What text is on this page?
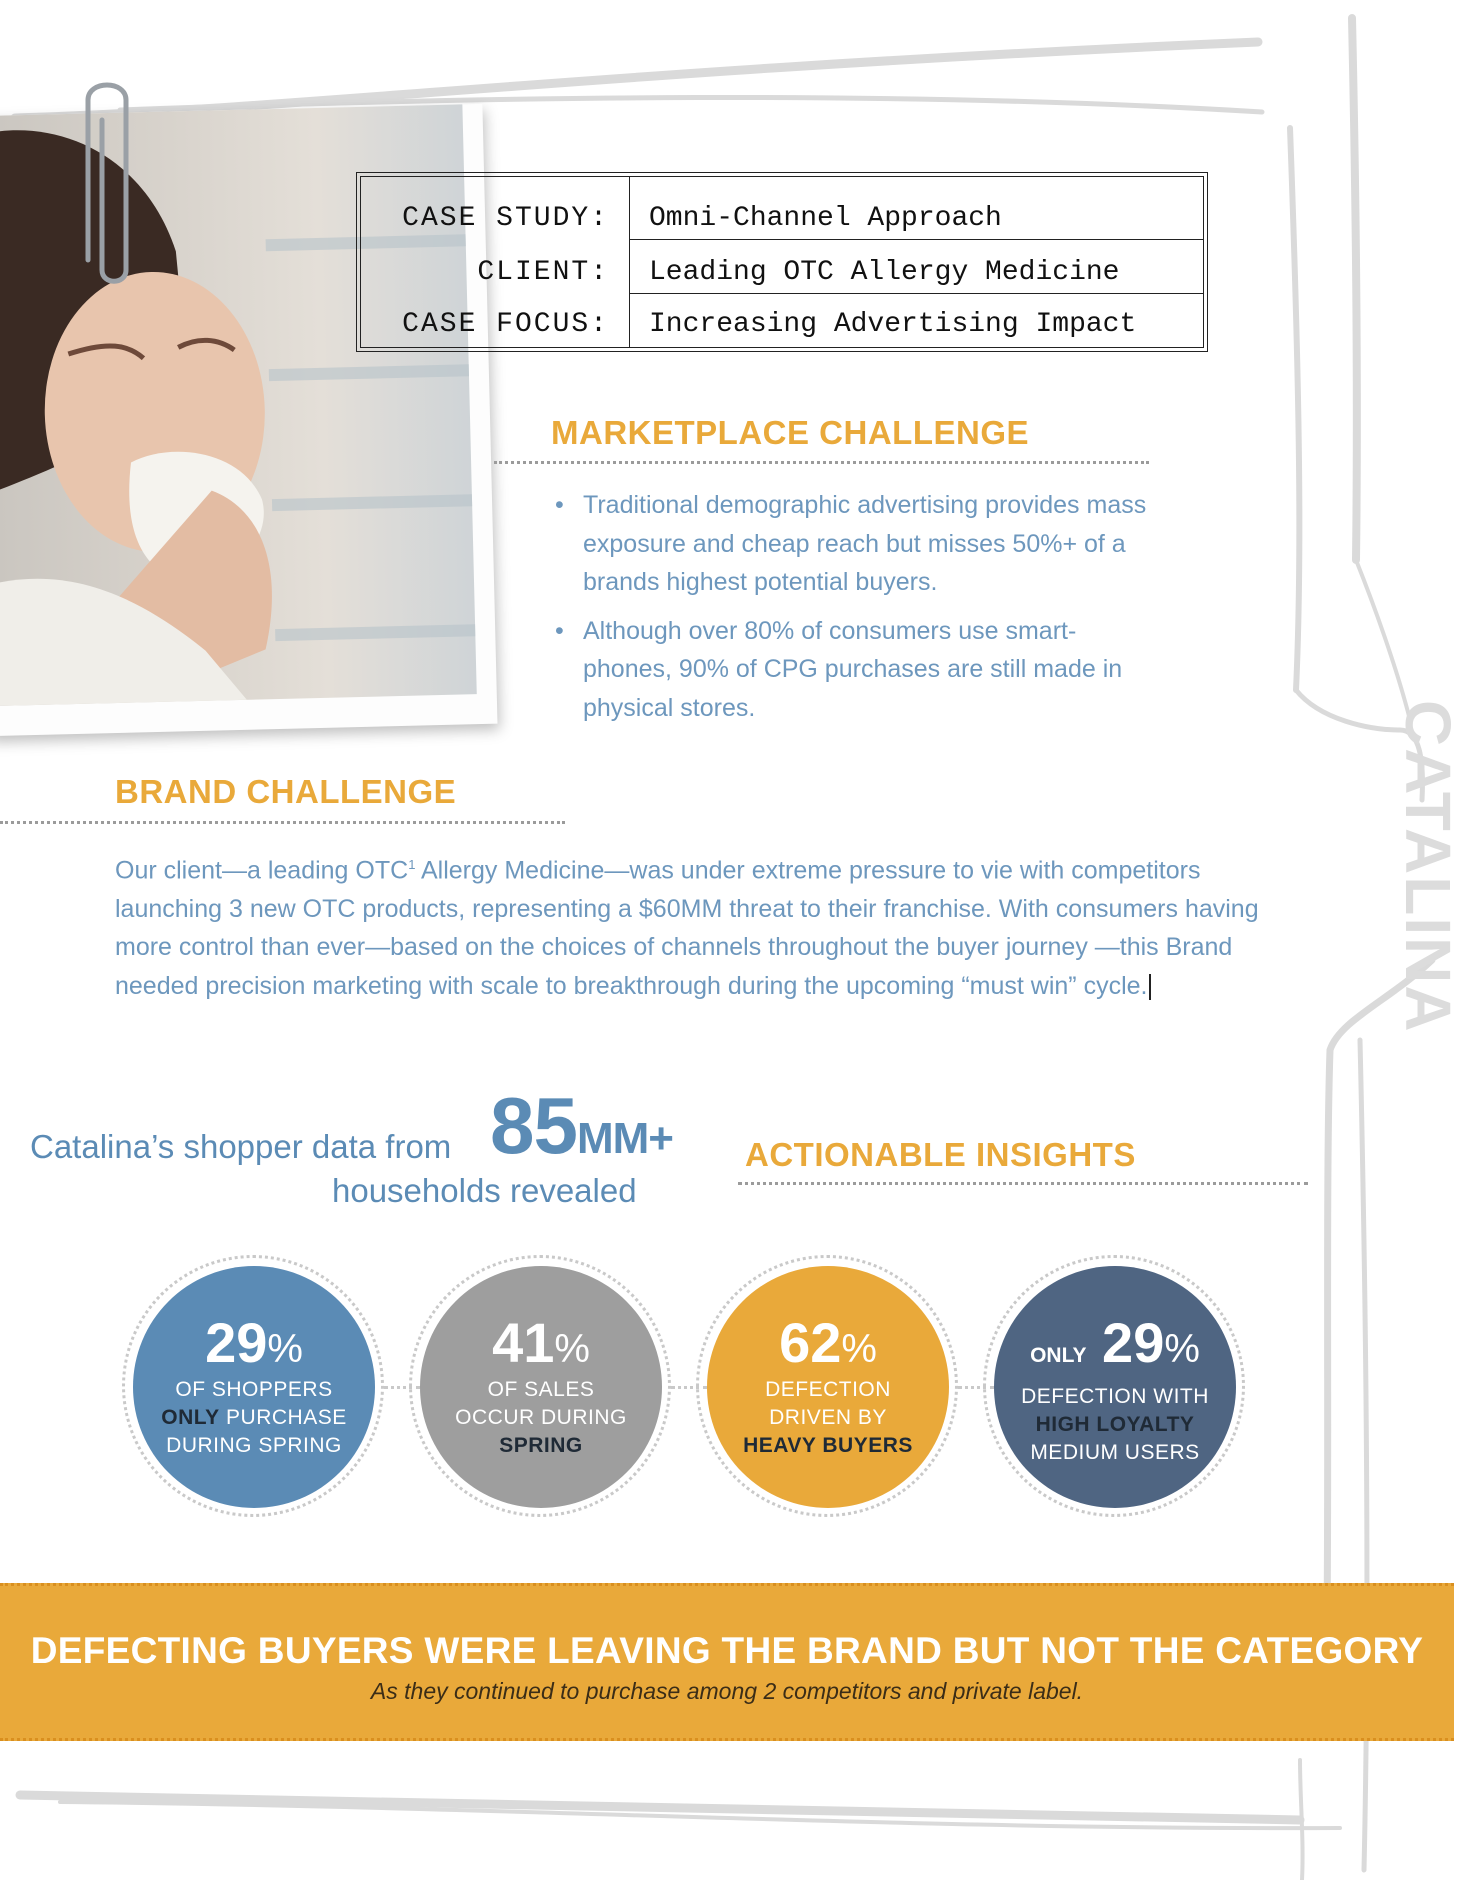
CATALINA
CASE STUDY: Omni-Channel Approach
CLIENT: Leading OTC Allergy Medicine
CASE FOCUS: Increasing Advertising Impact
MARKETPLACE CHALLENGE
• Traditional demographic advertising provides mass exposure and cheap reach but misses 50%+ of a brands highest potential buyers.
• Although over 80% of consumers use smart-phones, 90% of CPG purchases are still made in physical stores.
BRAND CHALLENGE
Our client—a leading OTC$^1$ Allergy Medicine—was under extreme pressure to vie with competitors launching 3 new OTC products, representing a $60MM threat to their franchise. With consumers having more control than ever—based on the choices of channels throughout the buyer journey —this Brand needed precision marketing with scale to breakthrough during the upcoming “must win” cycle.
Catalina’s shopper data from 85MM+
households revealed
ACTIONABLE INSIGHTS
29%
OF SHOPPERS
ONLY PURCHASE
DURING SPRING
41%
OF SALES
OCCUR DURING
SPRING
62%
DEFECTION
DRIVEN BY
HEAVY BUYERS
ONLY 29%
DEFECTION WITH
HIGH LOYALTY
MEDIUM USERS
DEFECTING BUYERS WERE LEAVING THE BRAND BUT NOT THE CATEGORY
As they continued to purchase among 2 competitors and private label.
